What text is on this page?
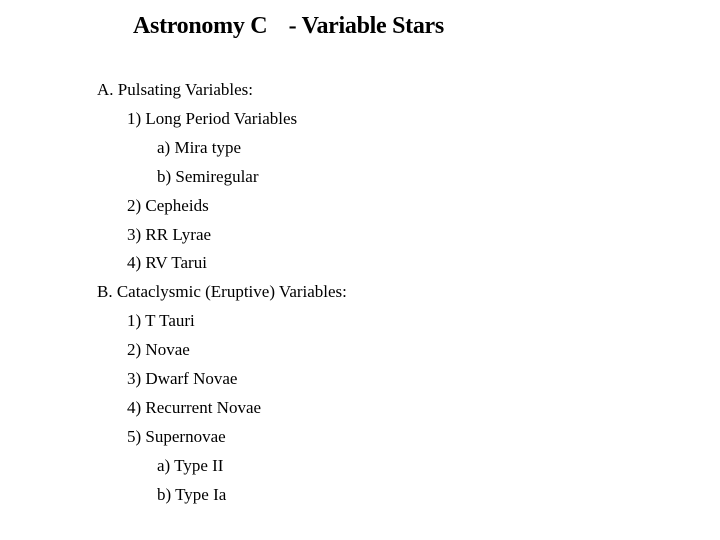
Astronomy C - Variable Stars
A. Pulsating Variables:
1) Long Period Variables
a) Mira type
b) Semiregular
2) Cepheids
3) RR Lyrae
4) RV Tarui
B. Cataclysmic (Eruptive) Variables:
1) T Tauri
2) Novae
3) Dwarf Novae
4) Recurrent Novae
5) Supernovae
a) Type II
b) Type Ia
